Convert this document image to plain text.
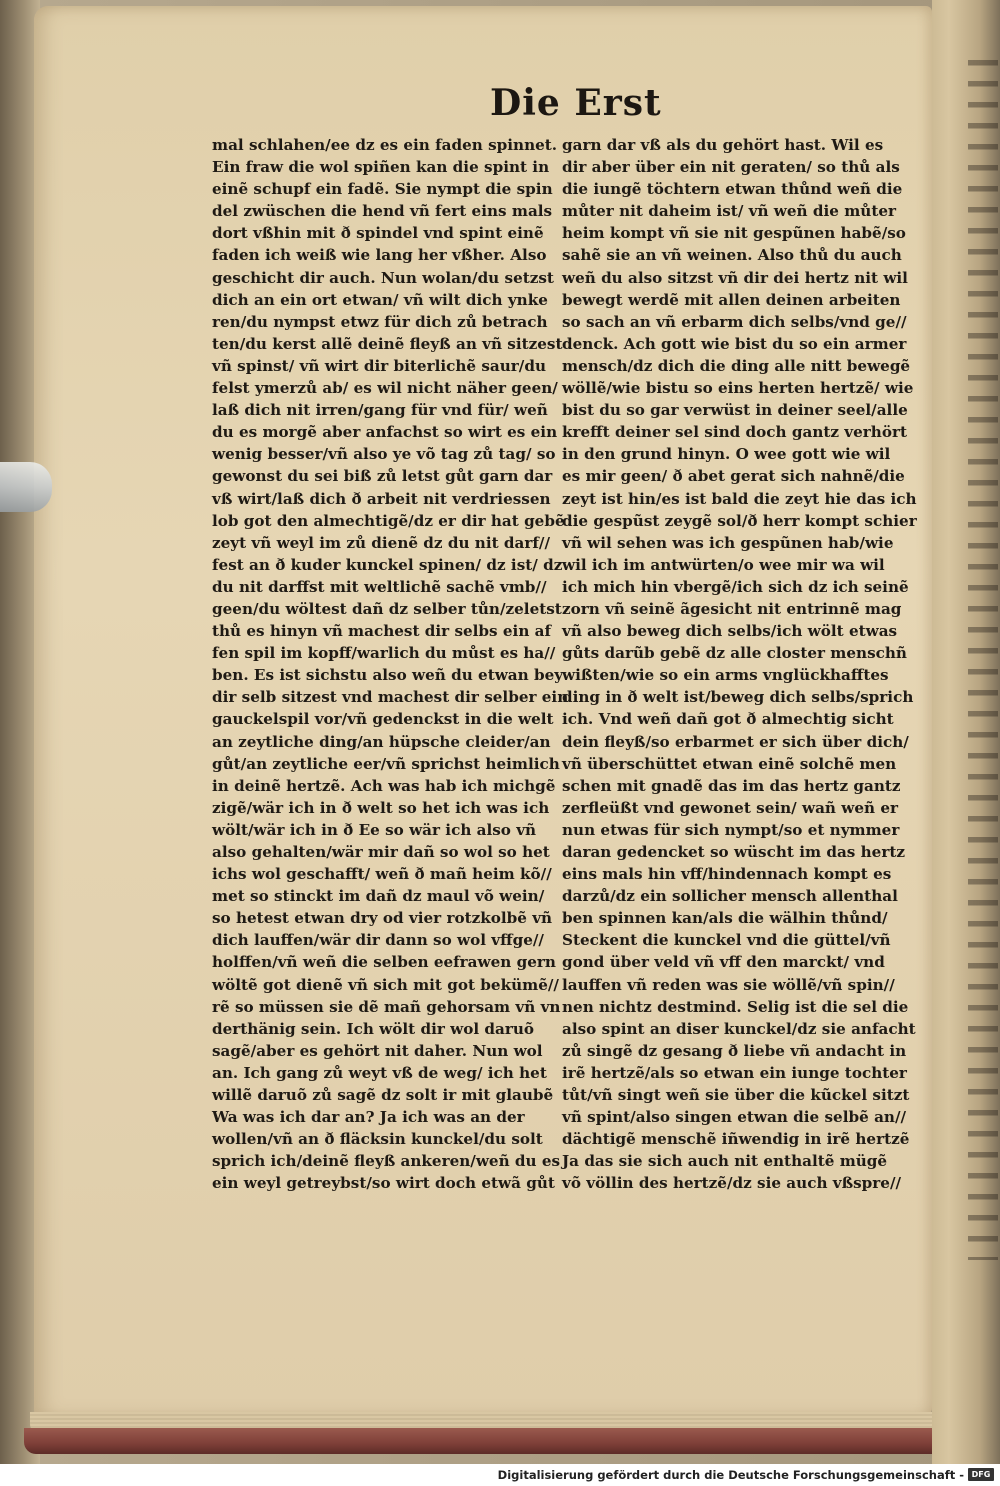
Die Erst
mal schlahen/ee dz es ein faden spinnet.
Ein fraw die wol spiñen kan die spint in
einẽ schupf ein fadẽ. Sie nympt die spin
del zwüschen die hend vñ fert eins mals
dort vßhin mit ð spindel vnd spint einẽ
faden ich weiß wie lang her vßher. Also
geschicht dir auch. Nun wolan/du setzst
dich an ein ort etwan/ vñ wilt dich ynke
ren/du nympst etwz für dich zů betrach
ten/du kerst allẽ deinẽ fleyß an vñ sitzest
vñ spinst/ vñ wirt dir biterlichẽ saur/du
felst ymerzů ab/ es wil nicht näher geen/
laß dich nit irren/gang für vnd für/ weñ
du es morgẽ aber anfachst so wirt es ein
wenig besser/vñ also ye võ tag zů tag/ so
gewonst du sei biß zů letst gůt garn dar
vß wirt/laß dich ð arbeit nit verdriessen
lob got den almechtigẽ/dz er dir hat gebẽ
zeyt vñ weyl im zů dienẽ dz du nit darf//
fest an ð kuder kunckel spinen/ dz ist/ dz
du nit darffst mit weltlichẽ sachẽ vmb//
geen/du wöltest dañ dz selber tůn/zeletst
thů es hinyn vñ machest dir selbs ein af
fen spil im kopff/warlich du můst es ha//
ben. Es ist sichstu also weñ du etwan bey
dir selb sitzest vnd machest dir selber ein
gauckelspil vor/vñ gedenckst in die welt
an zeytliche ding/an hüpsche cleider/an
gůt/an zeytliche eer/vñ sprichst heimlich
in deinẽ hertzẽ. Ach was hab ich michgẽ
zigẽ/wär ich in ð welt so het ich was ich
wölt/wär ich in ð Ee so wär ich also vñ
also gehalten/wär mir dañ so wol so het
ichs wol geschafft/ weñ ð mañ heim kõ//
met so stinckt im dañ dz maul võ wein/
so hetest etwan dry od vier rotzkolbẽ vñ
dich lauffen/wär dir dann so wol vffge//
holffen/vñ weñ die selben eefrawen gern
wöltẽ got dienẽ vñ sich mit got bekümẽ//
rẽ so müssen sie dẽ mañ gehorsam vñ vn
derthänig sein. Ich wölt dir wol daruõ
sagẽ/aber es gehört nit daher. Nun wol
an. Ich gang zů weyt vß de weg/ ich het
willẽ daruõ zů sagẽ dz solt ir mit glaubẽ
Wa was ich dar an? Ja ich was an der
wollen/vñ an ð fläcksin kunckel/du solt
sprich ich/deinẽ fleyß ankeren/weñ du es
ein weyl getreybst/so wirt doch etwã gůt
garn dar vß als du gehört hast. Wil es
dir aber über ein nit geraten/ so thů als
die iungẽ töchtern etwan thůnd weñ die
můter nit daheim ist/ vñ weñ die můter
heim kompt vñ sie nit gespũnen habẽ/so
sahẽ sie an vñ weinen. Also thů du auch
weñ du also sitzst vñ dir dei hertz nit wil
bewegt werdẽ mit allen deinen arbeiten
so sach an vñ erbarm dich selbs/vnd ge//
denck. Ach gott wie bist du so ein armer
mensch/dz dich die ding alle nitt bewegẽ
wöllẽ/wie bistu so eins herten hertzẽ/ wie
bist du so gar verwüst in deiner seel/alle
krefft deiner sel sind doch gantz verhört
in den grund hinyn. O wee gott wie wil
es mir geen/ ð abet gerat sich nahnẽ/die
zeyt ist hin/es ist bald die zeyt hie das ich
die gespũst zeygẽ sol/ð herr kompt schier
vñ wil sehen was ich gespũnen hab/wie
wil ich im antwürten/o wee mir wa wil
ich mich hin vbergẽ/ich sich dz ich seinẽ
zorn vñ seinẽ ãgesicht nit entrinnẽ mag
vñ also beweg dich selbs/ich wölt etwas
gůts darũb gebẽ dz alle closter menschñ
wißten/wie so ein arms vnglückhafftes
ding in ð welt ist/beweg dich selbs/sprich
ich. Vnd weñ dañ got ð almechtig sicht
dein fleyß/so erbarmet er sich über dich/
vñ überschüttet etwan einẽ solchẽ men
schen mit gnadẽ das im das hertz gantz
zerfleüßt vnd gewonet sein/ wañ weñ er
nun etwas für sich nympt/so et nymmer
daran gedencket so wüscht im das hertz
eins mals hin vff/hindennach kompt es
darzů/dz ein sollicher mensch allenthal
ben spinnen kan/als die wälhin thůnd/
Steckent die kunckel vnd die güttel/vñ
gond über veld vñ vff den marckt/ vnd
lauffen vñ reden was sie wöllẽ/vñ spin//
nen nichtz destmind. Selig ist die sel die
also spint an diser kunckel/dz sie anfacht
zů singẽ dz gesang ð liebe vñ andacht in
irẽ hertzẽ/als so etwan ein iunge tochter
tůt/vñ singt weñ sie über die kũckel sitzt
vñ spint/also singen etwan die selbẽ an//
dächtigẽ menschẽ iñwendig in irẽ hertzẽ
Ja das sie sich auch nit enthaltẽ mügẽ
võ völlin des hertzẽ/dz sie auch vßspre//
Digitalisierung gefördert durch die Deutsche Forschungsgemeinschaft - DFG
